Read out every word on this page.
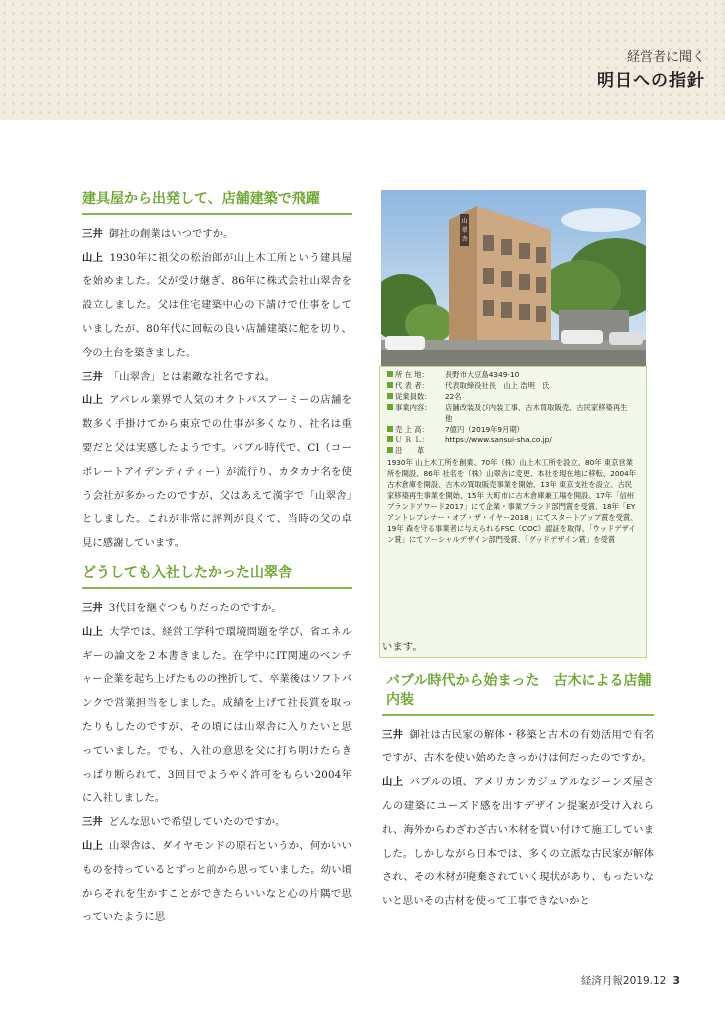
経営者に聞く
明日への指針
建具屋から出発して、店舗建築で飛躍

三井 御社の創業はいつですか。

山上 1930年に祖父の松治郎が山上木工所という建具屋を始めました。父が受け継ぎ、86年に株式会社山翠舎を設立しました。父は住宅建築中心の下請けで仕事をしていましたが、80年代に回転の良い店舗建築に舵を切り、今の土台を築きました。

三井 「山翠舎」とは素敵な社名ですね。

山上 アパレル業界で人気のオクトパスアーミーの店舗を数多く手掛けてから東京での仕事が多くなり、社名は重要だと父は実感したようです。バブル時代で、CI（コーポレートアイデンティティー）が流行り、カタカナ名を使う会社が多かったのですが、父はあえて漢字で「山翠舎」としました。これが非常に評判が良くて、当時の父の卓見に感謝しています。

どうしても入社したかった山翠舎

三井 3代目を継ぐつもりだったのですか。

山上 大学では、経営工学科で環境問題を学び、省エネルギーの論文を２本書きました。在学中にIT関連のベンチャー企業を起ち上げたものの挫折して、卒業後はソフトバンクで営業担当をしました。成績を上げて社長賞を取ったりもしたのですが、その頃には山翠舎に入りたいと思っていました。でも、入社の意思を父に打ち明けたらきっぱり断られて、3回目でようやく許可をもらい2004年に入社しました。

三井 どんな思いで希望していたのですか。

山上 山翠舎は、ダイヤモンドの原石というか、何かいいものを持っているとずっと前から思っていました。幼い頃からそれを生かすことができたらいいなと心の片隅で思っていたように思

山
翠
舎
所 在 地：	長野市大豆島4349-10
代 表 者：	代表取締役社長　山上 浩明　氏
従業員数：	22名
事業内容：	店舗改装及び内装工事、古木買取販売、古民家移築再生　他
売 上 高：	7億円（2019年9月期）
Ｕ Ｒ Ｌ：	https://www.sansui-sha.co.jp/
沿　　革
1930年 山上木工所を創業、70年（株）山上木工所を設立、80年 東京営業所を開設、86年 社名を（株）山翠舎に変更、本社を現在地に移転、2004年 古木倉庫を開設、古木の買取販売事業を開始、13年 東京支社を設立、古民家移築再生事業を開始、15年 大町市に古木倉庫兼工場を開設、17年「信州ブランドアワード2017」にて企業・事業ブランド部門賞を受賞、18年「EYアントレプレナー・オブ・ザ・イヤー2018」にてスタートアップ賞を受賞、19年 森を守る事業者に与えられるFSC（COC）認証を取得、「ウッドデザイン賞」にてソーシャルデザイン部門受賞、「グッドデザイン賞」を受賞

います。

バブル時代から始まった　古木による店舗内装

三井 御社は古民家の解体・移築と古木の有効活用で有名ですが、古木を使い始めたきっかけは何だったのですか。

山上 バブルの頃、アメリカンカジュアルなジーンズ屋さんの建築にユーズド感を出すデザイン提案が受け入れられ、海外からわざわざ古い木材を買い付けて施工していました。しかしながら日本では、多くの立派な古民家が解体され、その木材が廃棄されていく現状があり、もったいないと思いその古材を使って工事できないかと

経済月報2019.12 3
